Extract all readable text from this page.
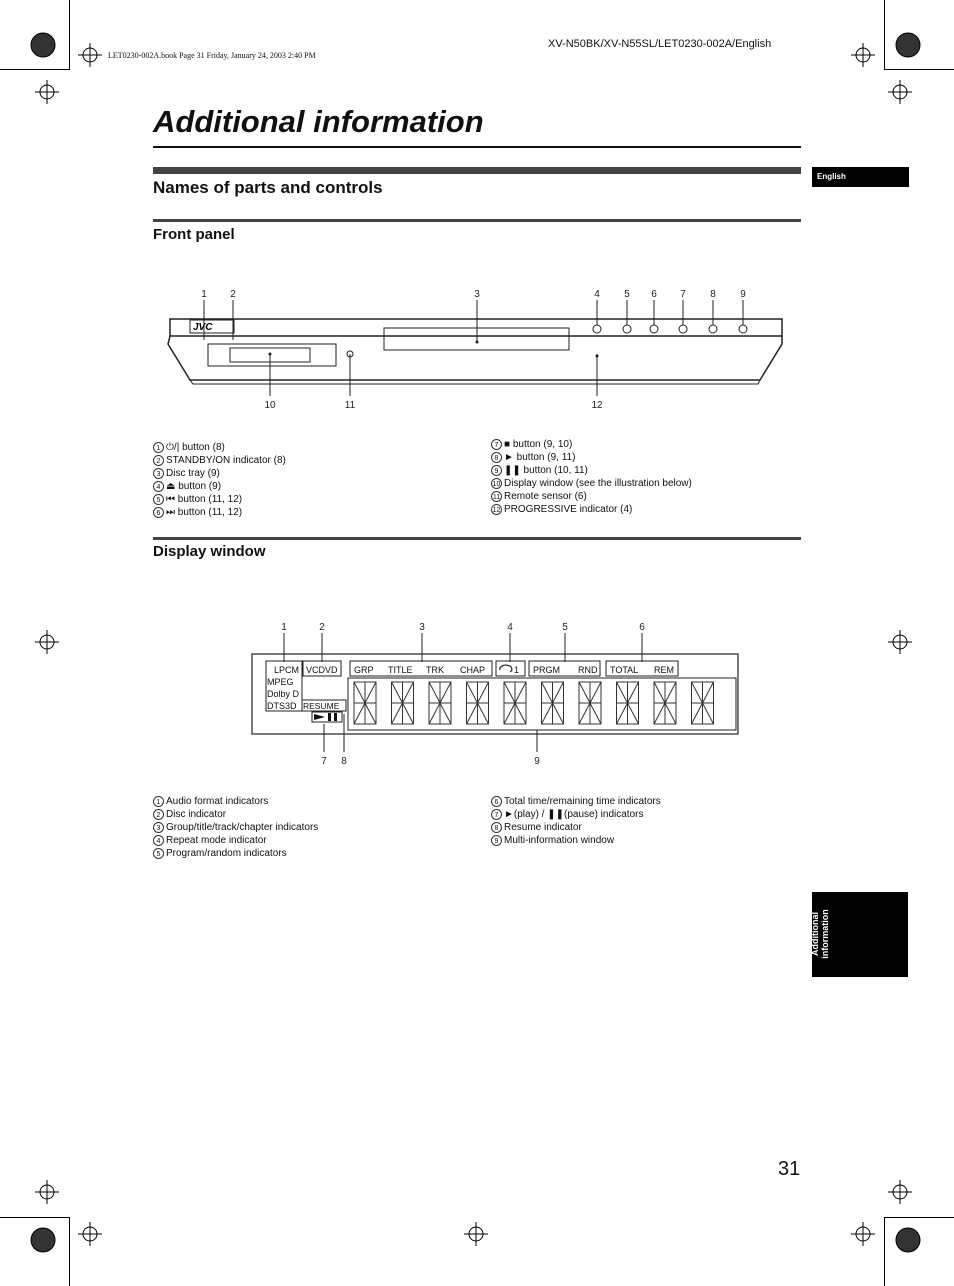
XV-N50BK/XV-N55SL/LET0230-002A/English
LET0230-002A.book Page 31 Friday, January 24, 2003 2:40 PM
Additional information
English
Names of parts and controls
Front panel
1 2	3	4 5 6 7 8 9
10	11	12
JVC
1 ⏻/| button (8)
2 STANDBY/ON indicator (8)
3 Disc tray (9)
4 ⏏ button (9)
5 ⏮ button (11, 12)
6 ⏭ button (11, 12)
7 ■ button (9, 10)
8 ► button (9, 11)
9 ❚❚ button (10, 11)
10 Display window (see the illustration below)
11 Remote sensor (6)
12 PROGRESSIVE indicator (4)
Display window
1	2	3	4	5	6
7 8	9
LPCM
MPEG
Dolby D
DTS3D
VCDVD GRP TITLE TRK CHAP	1 PRGM RND TOTAL REM
RESUME
1 Audio format indicators
2 Disc indicator
3 Group/title/track/chapter indicators
4 Repeat mode indicator
5 Program/random indicators
6 Total time/remaining time indicators
7 ►(play) / ❚❚(pause) indicators
8 Resume indicator
9 Multi-information window
Additional information
31
